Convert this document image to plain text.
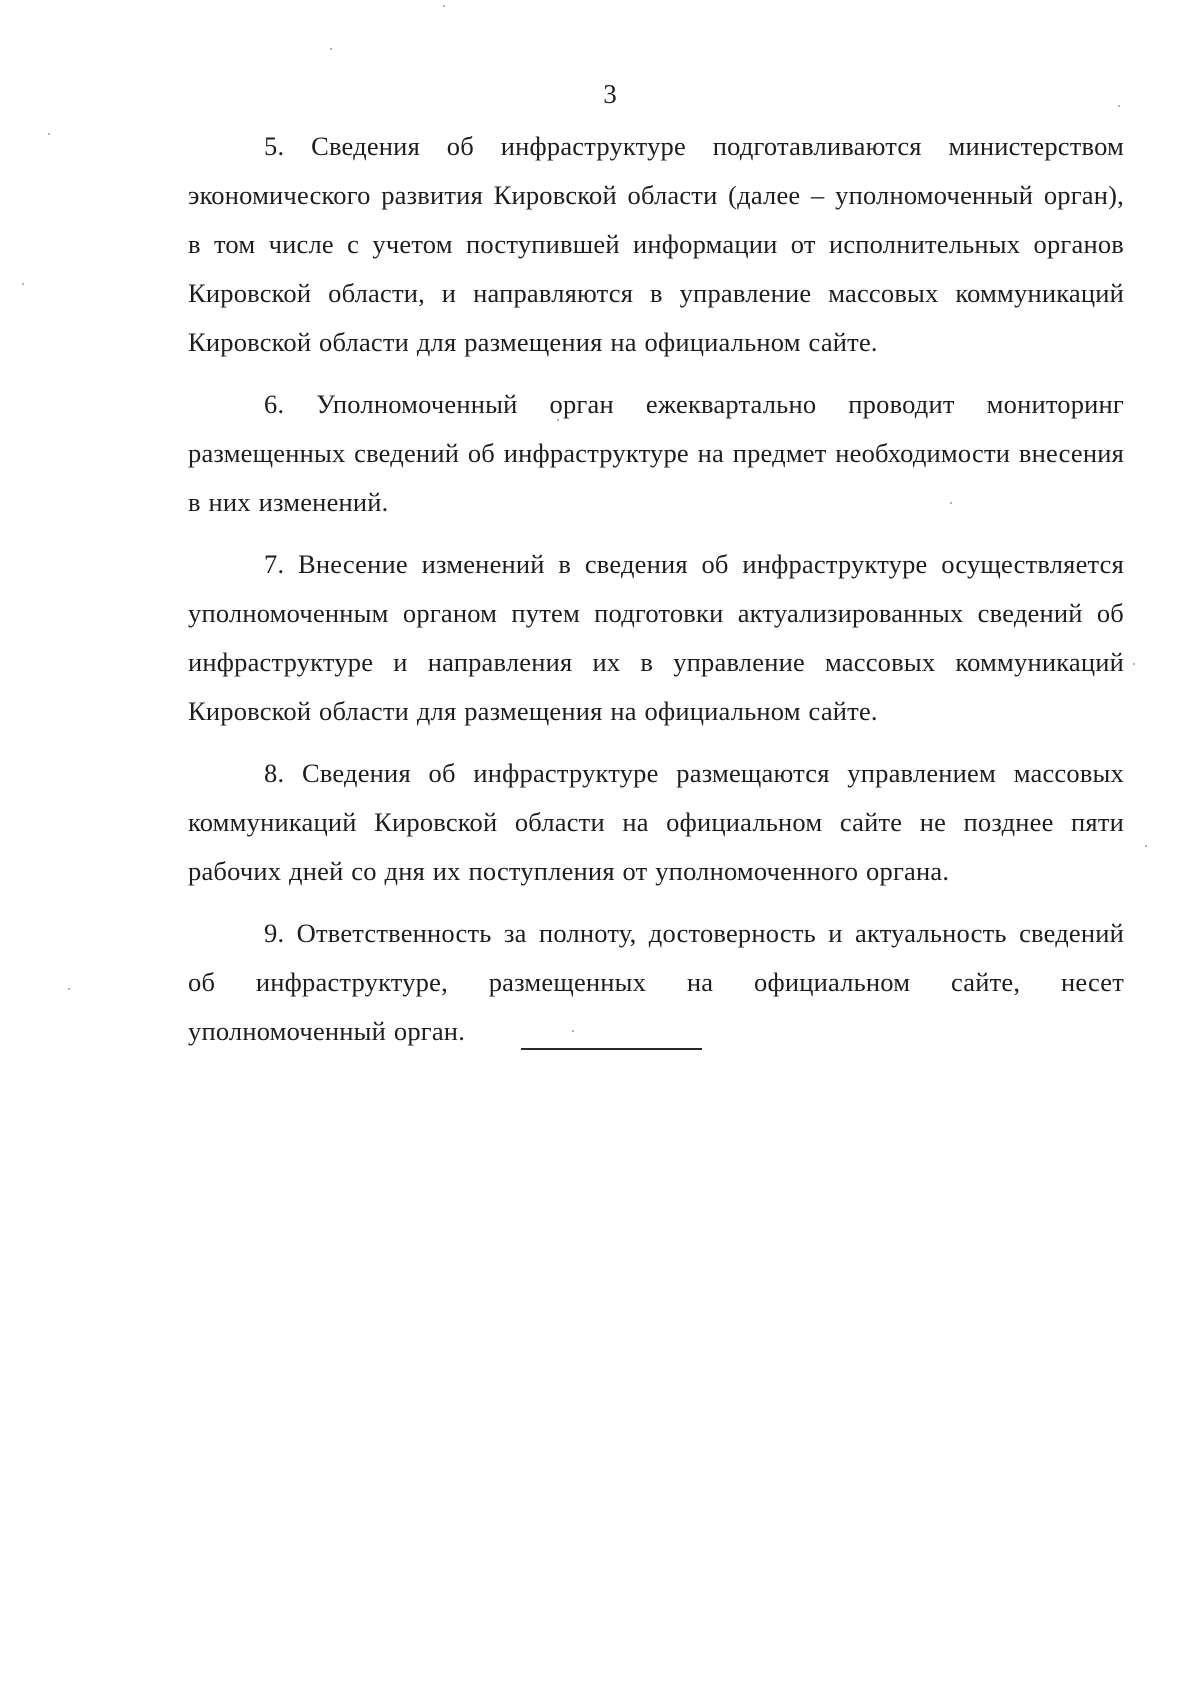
3

5. Сведения об инфраструктуре подготавливаются министерством экономического развития Кировской области (далее – уполномоченный орган), в том числе с учетом поступившей информации от исполнительных органов Кировской области, и направляются в управление массовых коммуникаций Кировской области для размещения на официальном сайте.

6. Уполномоченный орган ежеквартально проводит мониторинг размещенных сведений об инфраструктуре на предмет необходимости внесения в них изменений.

7. Внесение изменений в сведения об инфраструктуре осуществляется уполномоченным органом путем подготовки актуализированных сведений об инфраструктуре и направления их в управление массовых коммуникаций Кировской области для размещения на официальном сайте.

8. Сведения об инфраструктуре размещаются управлением массовых коммуникаций Кировской области на официальном сайте не позднее пяти рабочих дней со дня их поступления от уполномоченного органа.

9. Ответственность за полноту, достоверность и актуальность сведений об инфраструктуре, размещенных на официальном сайте, несет уполномоченный орган.
